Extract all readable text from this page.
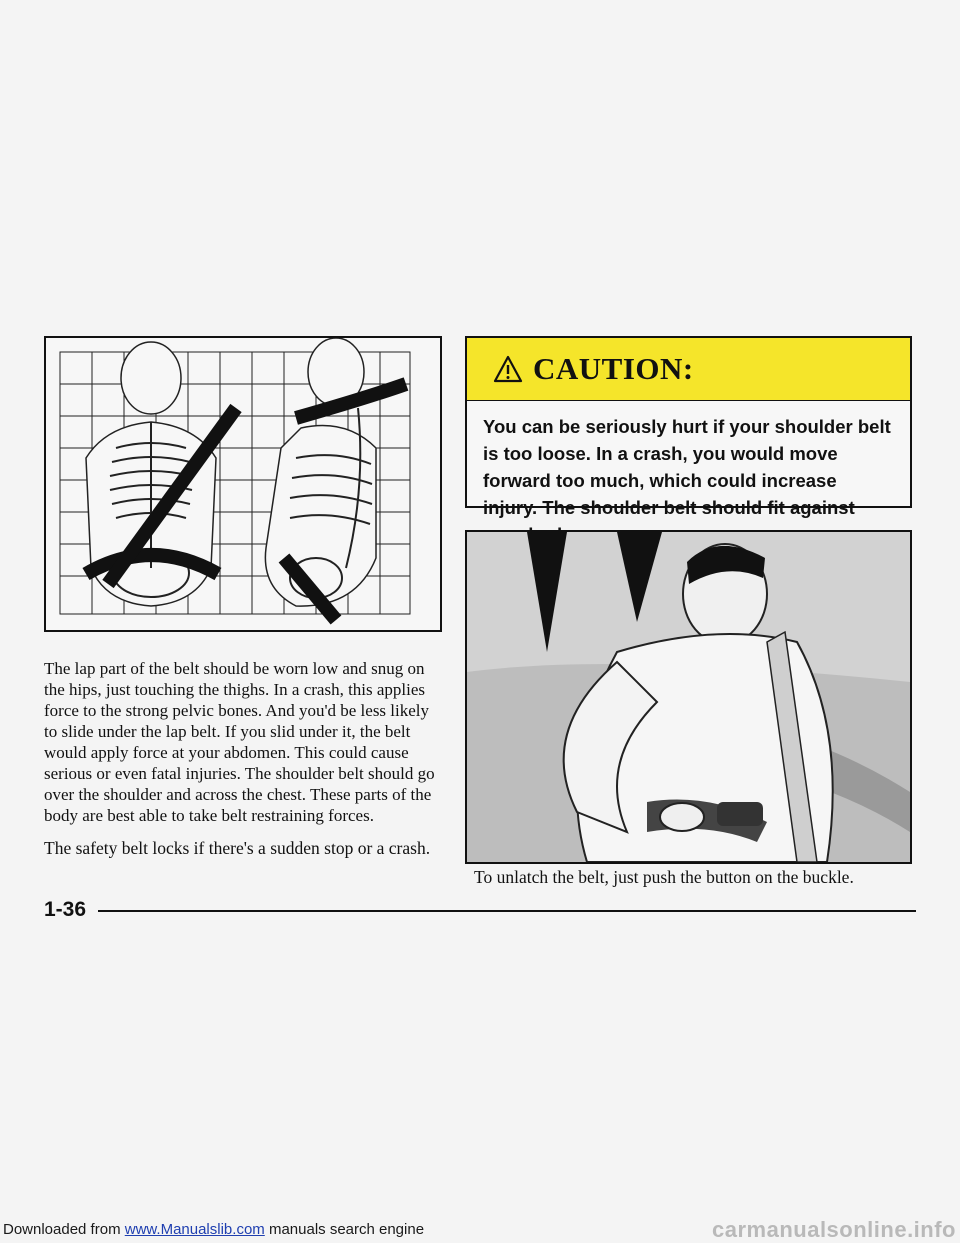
The lap part of the belt should be worn low and snug on the hips, just touching the thighs. In a crash, this applies force to the strong pelvic bones. And you'd be less likely to slide under the lap belt. If you slid under it, the belt would apply force at your abdomen. This could cause serious or even fatal injuries. The shoulder belt should go over the shoulder and across the chest. These parts of the body are best able to take belt restraining forces.

The safety belt locks if there's a sudden stop or a crash.

CAUTION:
You can be seriously hurt if your shoulder belt is too loose. In a crash, you would move forward too much, which could increase injury. The shoulder belt should fit against

To unlatch the belt, just push the button on the buckle.

1-36
Downloaded from www.Manualslib.com manuals search engine	carmanualsonline.info
